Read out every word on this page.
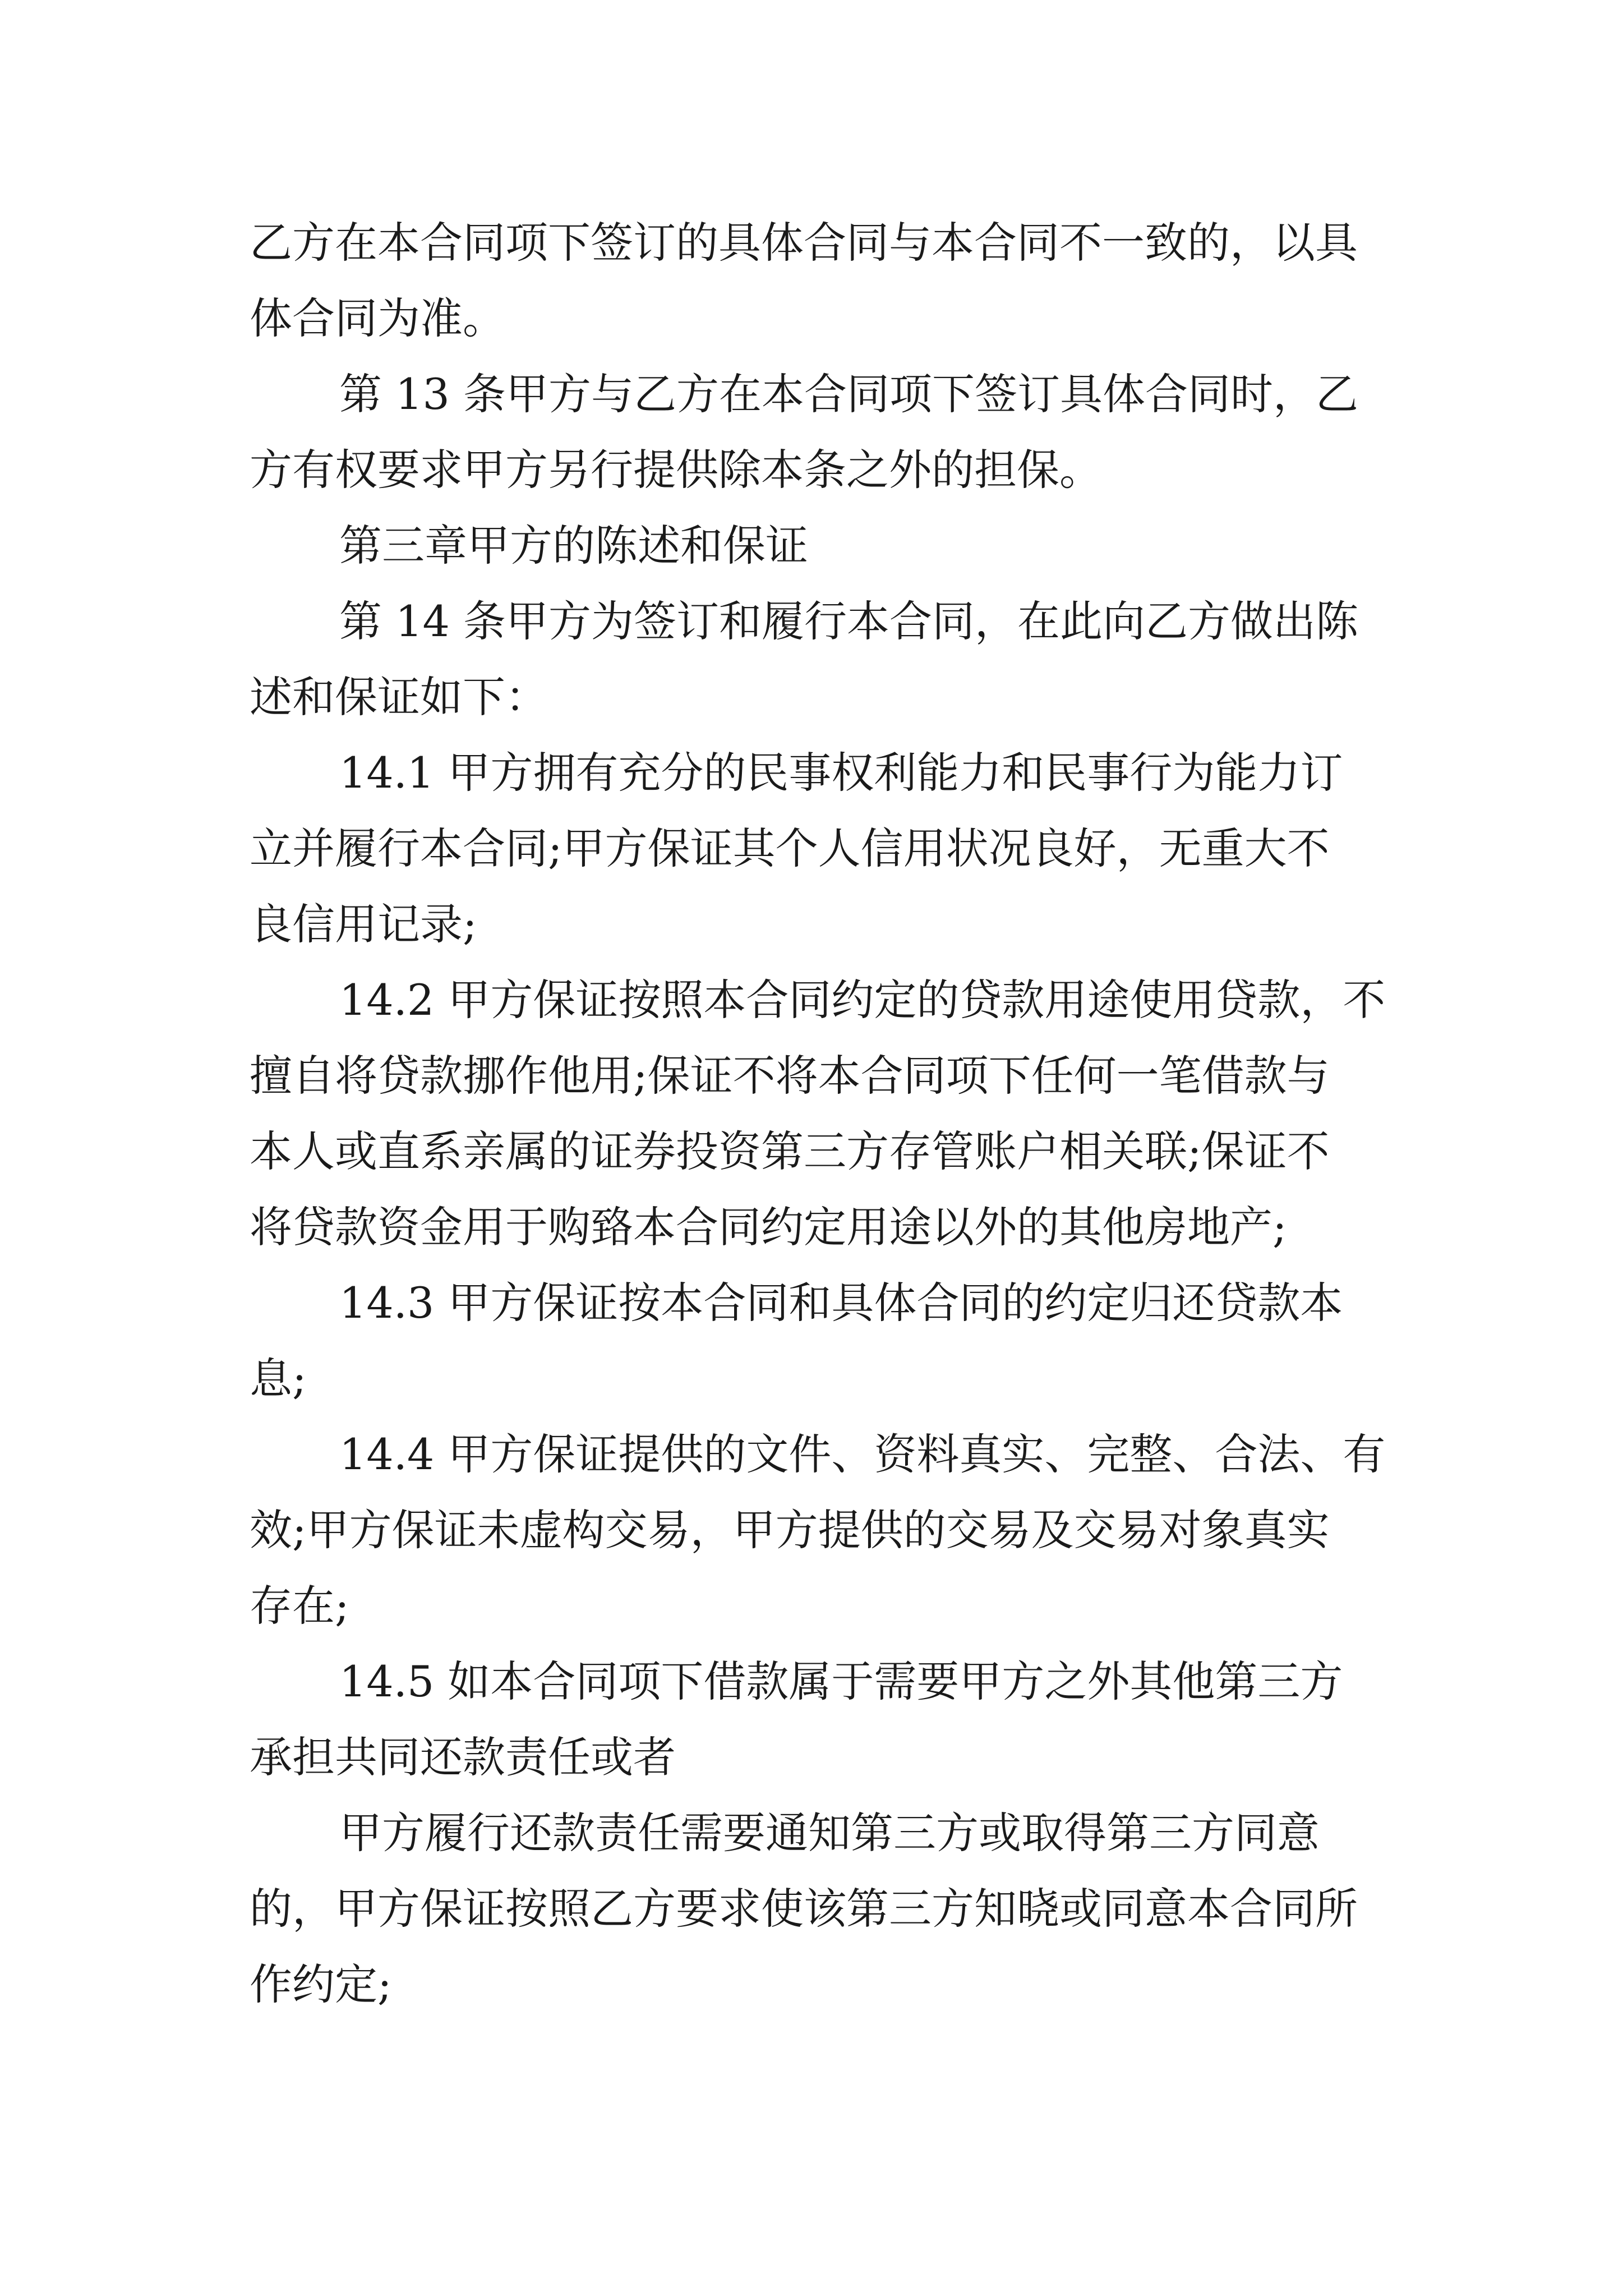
乙方在本合同项下签订的具体合同与本合同不一致的，以具

体合同为准。

第 13 条甲方与乙方在本合同项下签订具体合同时，乙

方有权要求甲方另行提供除本条之外的担保。

第三章甲方的陈述和保证

第 14 条甲方为签订和履行本合同，在此向乙方做出陈

述和保证如下：

14.1 甲方拥有充分的民事权利能力和民事行为能力订

立并履行本合同;甲方保证其个人信用状况良好，无重大不

良信用记录;

14.2 甲方保证按照本合同约定的贷款用途使用贷款，不

擅自将贷款挪作他用;保证不将本合同项下任何一笔借款与

本人或直系亲属的证券投资第三方存管账户相关联;保证不

将贷款资金用于购臵本合同约定用途以外的其他房地产;

14.3 甲方保证按本合同和具体合同的约定归还贷款本

息;

14.4 甲方保证提供的文件、资料真实、完整、合法、有

效;甲方保证未虚构交易，甲方提供的交易及交易对象真实

存在;

14.5 如本合同项下借款属于需要甲方之外其他第三方

承担共同还款责任或者

甲方履行还款责任需要通知第三方或取得第三方同意

的，甲方保证按照乙方要求使该第三方知晓或同意本合同所

作约定;
